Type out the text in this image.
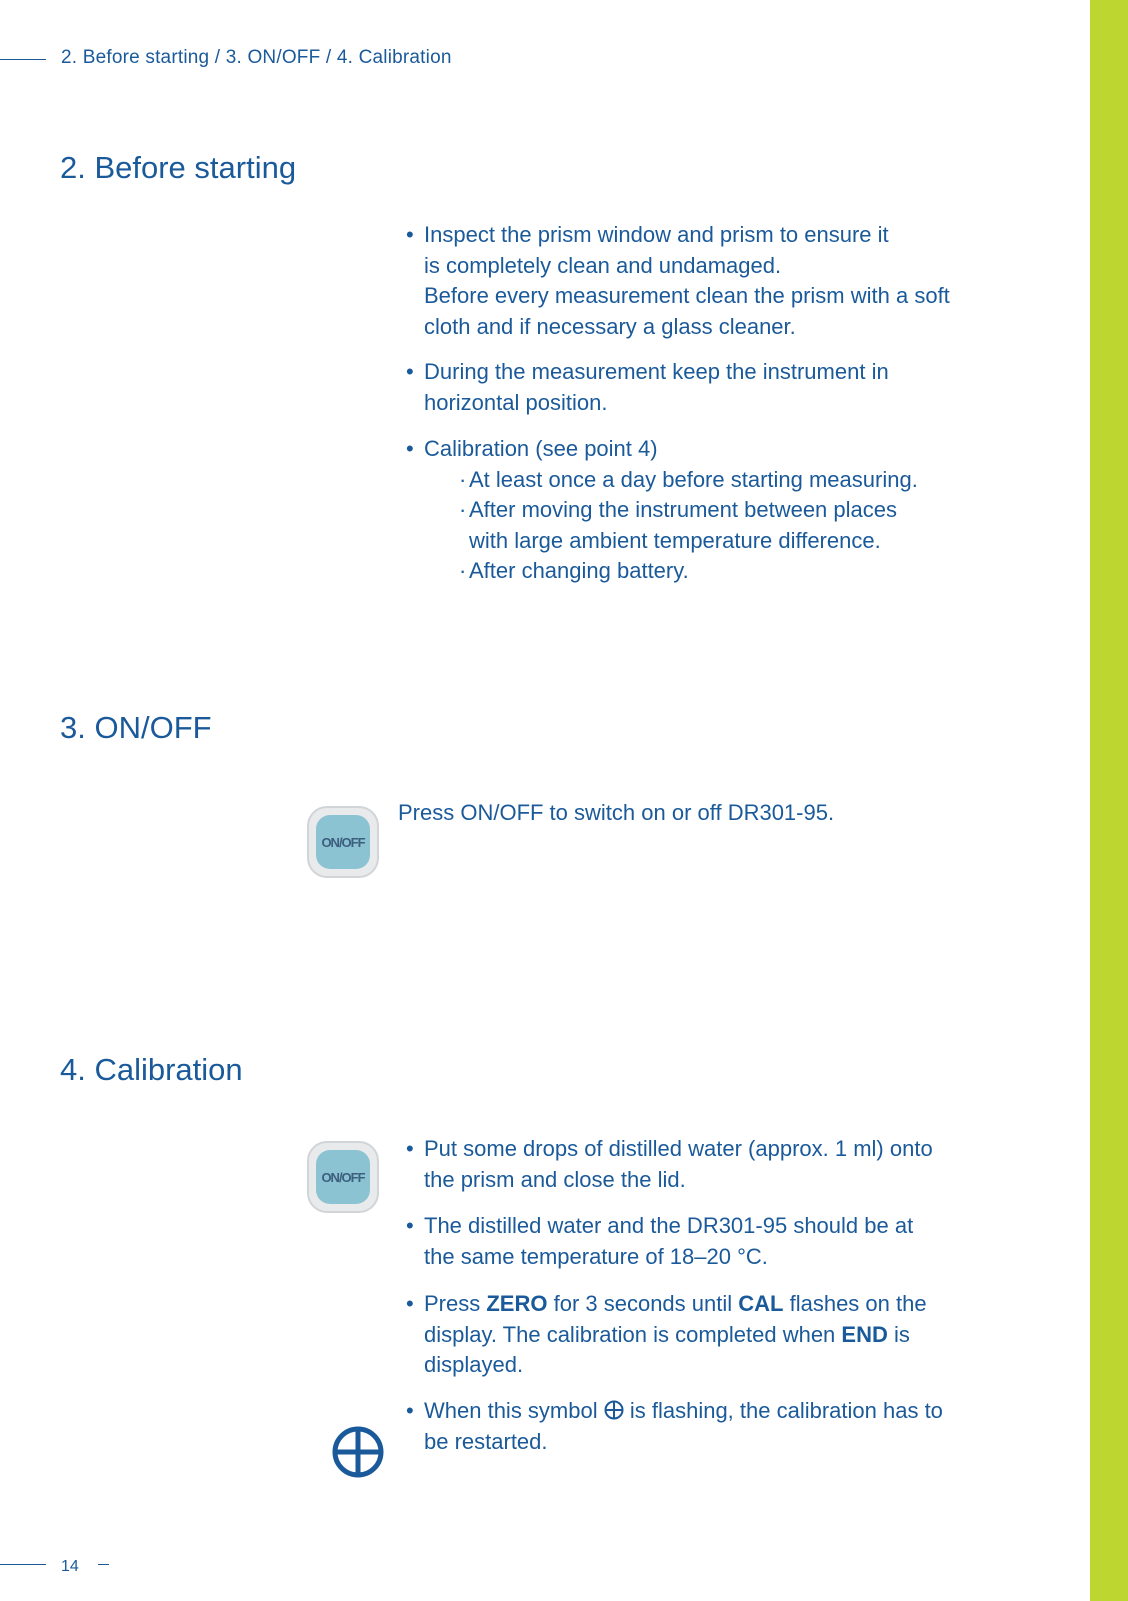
2. Before starting / 3. ON/OFF / 4. Calibration
2. Before starting
• Inspect the prism window and prism to ensure it
is completely clean and undamaged.
Before every measurement clean the prism with a soft
cloth and if necessary a glass cleaner.
• During the measurement keep the instrument in
horizontal position.
• Calibration (see point 4)
· At least once a day before starting measuring.
· After moving the instrument between places
with large ambient temperature difference.
· After changing battery.
3. ON/OFF
ON/OFF
Press ON/OFF to switch on or off DR301-95.
4. Calibration
ON/OFF
• Put some drops of distilled water (approx. 1 ml) onto
the prism and close the lid.
• The distilled water and the DR301-95 should be at
the same temperature of 18–20 °C.
• Press ZERO for 3 seconds until CAL flashes on the
display. The calibration is completed when END is
displayed.
• When this symbol  is flashing, the calibration has to
be restarted.
14
